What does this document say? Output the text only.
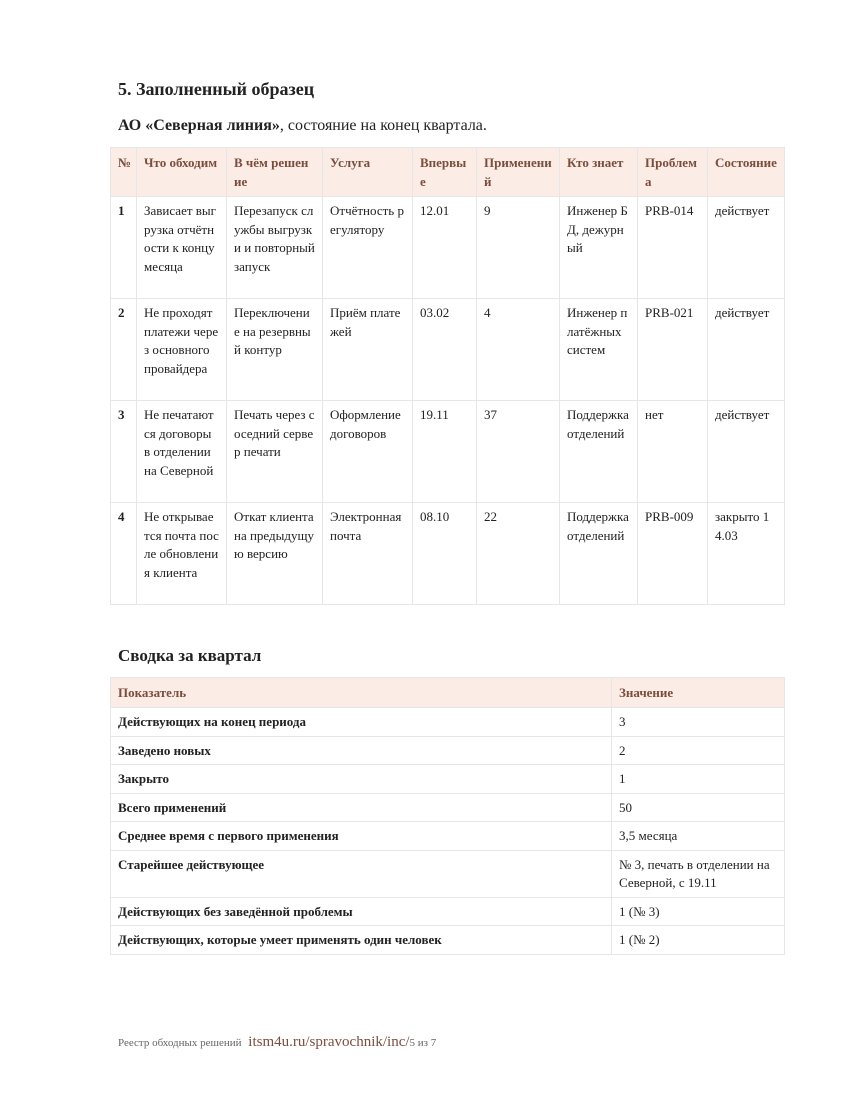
5. Заполненный образец

АО «Северная линия», состояние на конец квартала.

№	Что обходим	В чём решение	Услуга	Впервые	Применений	Кто знает	Проблема	Состояние
1	Зависает выгрузка отчётности к концу месяца	Перезапуск службы выгрузки и повторный запуск	Отчётность регулятору	12.01	9	Инженер БД, дежурный	PRB-014	действует
2	Не проходят платежи через основного провайдера	Переключение на резервный контур	Приём платежей	03.02	4	Инженер платёжных систем	PRB-021	действует
3	Не печатаются договоры в отделении на Северной	Печать через соседний сервер печати	Оформление договоров	19.11	37	Поддержка отделений	нет	действует
4	Не открывается почта после обновления клиента	Откат клиента на предыдущую версию	Электронная почта	08.10	22	Поддержка отделений	PRB-009	закрыто 14.03
Сводка за квартал
Показатель	Значение
Действующих на конец периода	3
Заведено новых	2
Закрыто	1
Всего применений	50
Среднее время с первого применения	3,5 месяца
Старейшее действующее	№ 3, печать в отделении на Северной, с 19.11
Действующих без заведённой проблемы	1 (№ 3)
Действующих, которые умеет применять один человек	1 (№ 2)
Реестр обходных решений itsm4u.ru/spravochnik/inc/5 из 7
